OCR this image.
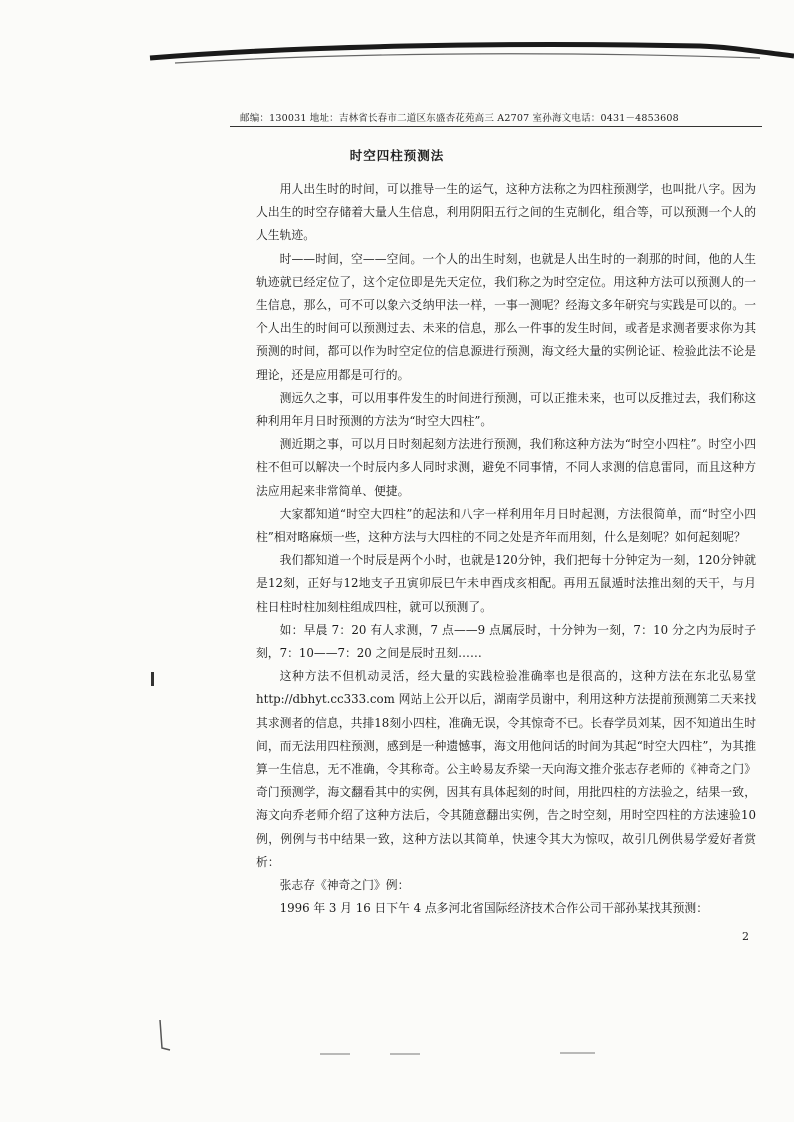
邮编：130031 地址：吉林省长春市二道区东盛杏花苑高三 A2707 室孙海文电话：0431－4853608
时空四柱预测法

用人出生时的时间，可以推导一生的运气，这种方法称之为四柱预测学，也叫批八字。因为人出生的时空存储着大量人生信息，利用阴阳五行之间的生克制化，组合等，可以预测一个人的人生轨迹。

时——时间，空——空间。一个人的出生时刻，也就是人出生时的一刹那的时间，他的人生轨迹就已经定位了，这个定位即是先天定位，我们称之为时空定位。用这种方法可以预测人的一生信息，那么，可不可以象六爻纳甲法一样，一事一测呢？经海文多年研究与实践是可以的。一个人出生的时间可以预测过去、未来的信息，那么一件事的发生时间，或者是求测者要求你为其预测的时间，都可以作为时空定位的信息源进行预测，海文经大量的实例论证、检验此法不论是理论，还是应用都是可行的。

测远久之事，可以用事件发生的时间进行预测，可以正推未来，也可以反推过去，我们称这种利用年月日时预测的方法为“时空大四柱”。

测近期之事，可以月日时刻起刻方法进行预测，我们称这种方法为“时空小四柱”。时空小四柱不但可以解决一个时辰内多人同时求测，避免不同事情，不同人求测的信息雷同，而且这种方法应用起来非常简单、便捷。

大家都知道“时空大四柱”的起法和八字一样利用年月日时起测，方法很简单，而“时空小四柱”相对略麻烦一些，这种方法与大四柱的不同之处是齐年而用刻，什么是刻呢？如何起刻呢？

我们都知道一个时辰是两个小时，也就是120分钟，我们把每十分钟定为一刻，120分钟就是12刻，正好与12地支子丑寅卯辰巳午未申酉戌亥相配。再用五鼠遁时法推出刻的天干，与月柱日柱时柱加刻柱组成四柱，就可以预测了。

如：早晨 7：20 有人求测，7 点——9 点属辰时，十分钟为一刻，7：10 分之内为辰时子刻，7：10——7：20 之间是辰时丑刻……

这种方法不但机动灵活，经大量的实践检验准确率也是很高的，这种方法在东北弘易堂 http://dbhyt.cc333.com 网站上公开以后，湖南学员谢中，利用这种方法提前预测第二天来找其求测者的信息，共排18刻小四柱，准确无误，令其惊奇不已。长春学员刘某，因不知道出生时间，而无法用四柱预测，感到是一种遗憾事，海文用他问话的时间为其起“时空大四柱”，为其推算一生信息，无不准确，令其称奇。公主岭易友乔梁一天向海文推介张志存老师的《神奇之门》奇门预测学，海文翻看其中的实例，因其有具体起刻的时间，用批四柱的方法验之，结果一致，海文向乔老师介绍了这种方法后，令其随意翻出实例，告之时空刻，用时空四柱的方法速验10例，例例与书中结果一致，这种方法以其简单，快速令其大为惊叹，故引几例供易学爱好者赏析：

张志存《神奇之门》例：

1996 年 3 月 16 日下午 4 点多河北省国际经济技术合作公司干部孙某找其预测：

2
